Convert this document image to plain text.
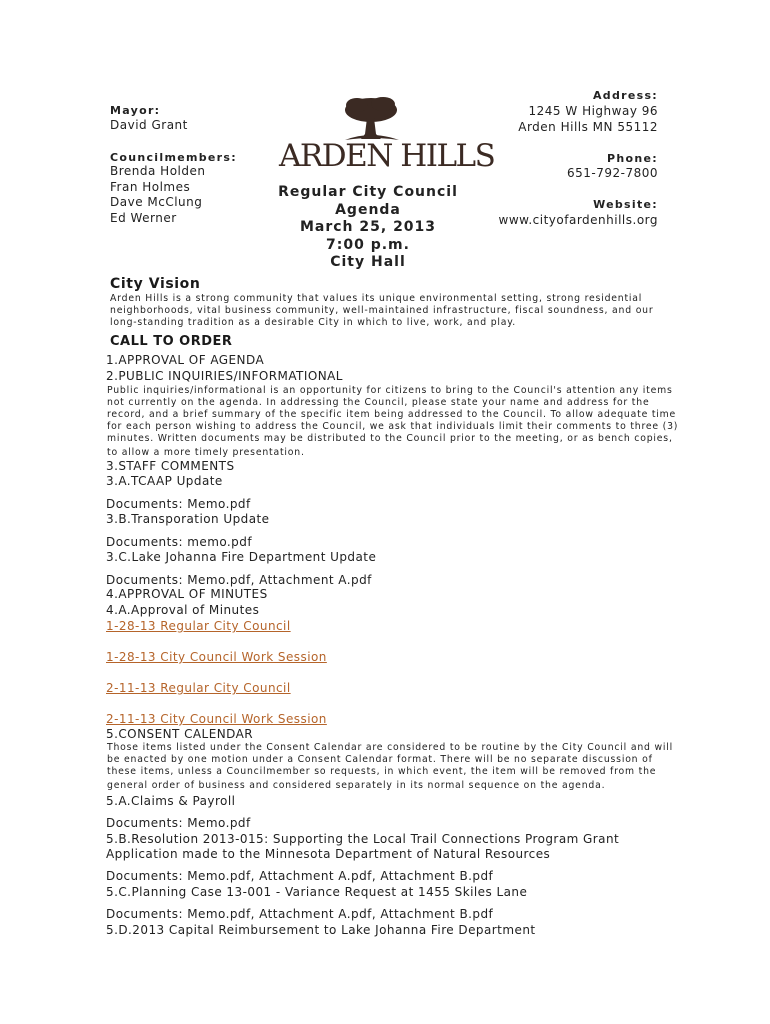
Mayor:
David Grant
Councilmembers:
Brenda Holden
Fran Holmes
Dave McClung
Ed Werner
ARDEN HILLS
Regular City Council
Agenda
March 25, 2013
7:00 p.m.
City Hall
Address:
1245 W Highway 96
Arden Hills MN 55112
Phone:
651-792-7800
Website:
www.cityofardenhills.org
City Vision
Arden Hills is a strong community that values its unique environmental setting, strong residential
neighborhoods, vital business community, well-maintained infrastructure, fiscal soundness, and our
long-standing tradition as a desirable City in which to live, work, and play.
CALL TO ORDER
1.APPROVAL OF AGENDA
2.PUBLIC INQUIRIES/INFORMATIONAL
Public inquiries/informational is an opportunity for citizens to bring to the Council's attention any items
not currently on the agenda. In addressing the Council, please state your name and address for the
record, and a brief summary of the specific item being addressed to the Council. To allow adequate time
for each person wishing to address the Council, we ask that individuals limit their comments to three (3)
minutes. Written documents may be distributed to the Council prior to the meeting, or as bench copies,
to allow a more timely presentation.
3.STAFF COMMENTS
3.A.TCAAP Update
Documents: Memo.pdf
3.B.Transporation Update
Documents: memo.pdf
3.C.Lake Johanna Fire Department Update
Documents: Memo.pdf, Attachment A.pdf
4.APPROVAL OF MINUTES
4.A.Approval of Minutes
1-28-13 Regular City Council
1-28-13 City Council Work Session
2-11-13 Regular City Council
2-11-13 City Council Work Session
5.CONSENT CALENDAR
Those items listed under the Consent Calendar are considered to be routine by the City Council and will
be enacted by one motion under a Consent Calendar format. There will be no separate discussion of
these items, unless a Councilmember so requests, in which event, the item will be removed from the
general order of business and considered separately in its normal sequence on the agenda.
5.A.Claims & Payroll
Documents: Memo.pdf
5.B.Resolution 2013-015: Supporting the Local Trail Connections Program Grant
Application made to the Minnesota Department of Natural Resources
Documents: Memo.pdf, Attachment A.pdf, Attachment B.pdf
5.C.Planning Case 13-001 - Variance Request at 1455 Skiles Lane
Documents: Memo.pdf, Attachment A.pdf, Attachment B.pdf
5.D.2013 Capital Reimbursement to Lake Johanna Fire Department
